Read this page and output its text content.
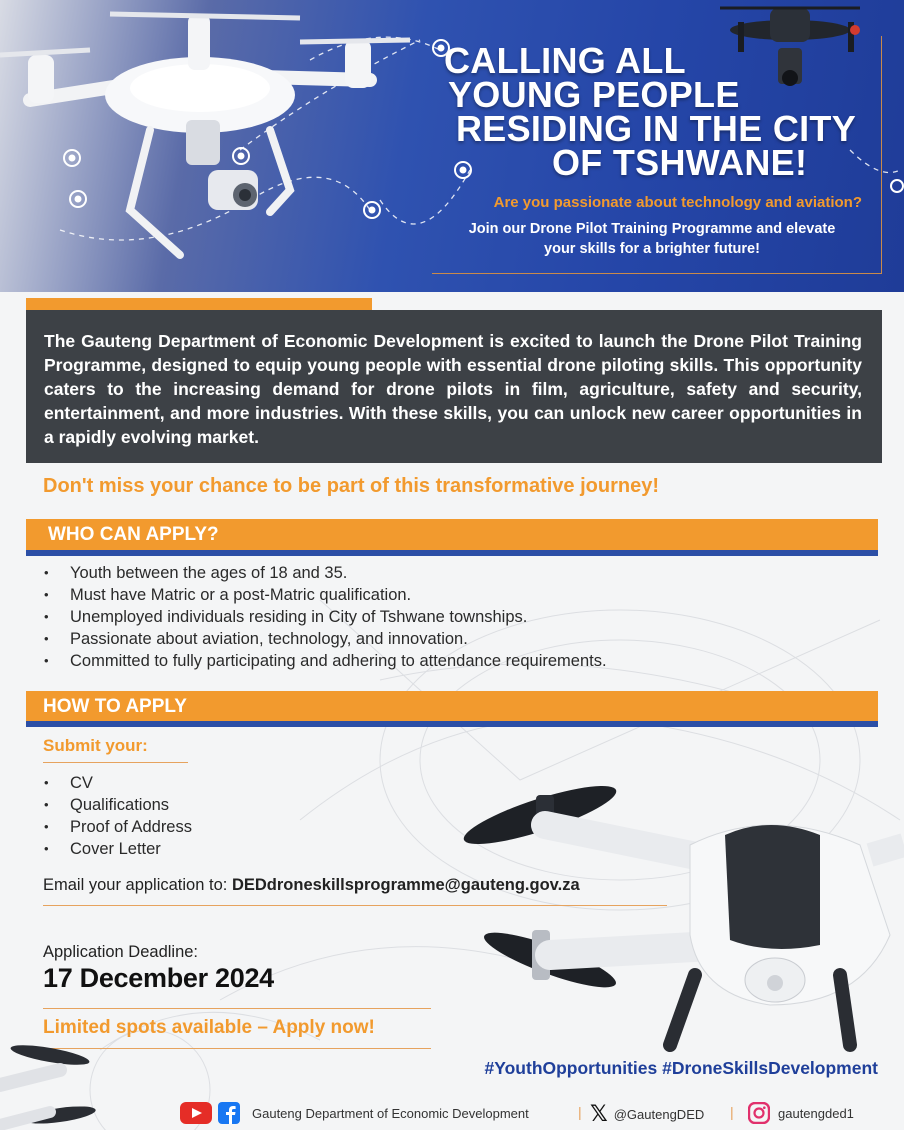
CALLING ALL
YOUNG PEOPLE
RESIDING IN THE CITY
OF TSHWANE!
Are you passionate about technology and aviation?
Join our Drone Pilot Training Programme and elevate your skills for a brighter future!
The Gauteng Department of Economic Development is excited to launch the Drone Pilot Training Programme, designed to equip young people with essential drone piloting skills. This opportunity caters to the increasing demand for drone pilots in film, agriculture, safety and security, entertainment, and more industries. With these skills, you can unlock new career opportunities in a rapidly evolving market.
Don't miss your chance to be part of this transformative journey!
WHO CAN APPLY?
• Youth between the ages of 18 and 35.
• Must have Matric or a post-Matric qualification.
• Unemployed individuals residing in City of Tshwane townships.
• Passionate about aviation, technology, and innovation.
• Committed to fully participating and adhering to attendance requirements.
HOW TO APPLY
Submit your:
• CV
• Qualifications
• Proof of Address
• Cover Letter
Email your application to: DEDdroneskillsprogramme@gauteng.gov.za
Application Deadline:
17 December 2024
Limited spots available – Apply now!
#YouthOpportunities #DroneSkillsDevelopment
Gauteng Department of Economic Development	| 𝕏 @GautengDED |	gautengded1
